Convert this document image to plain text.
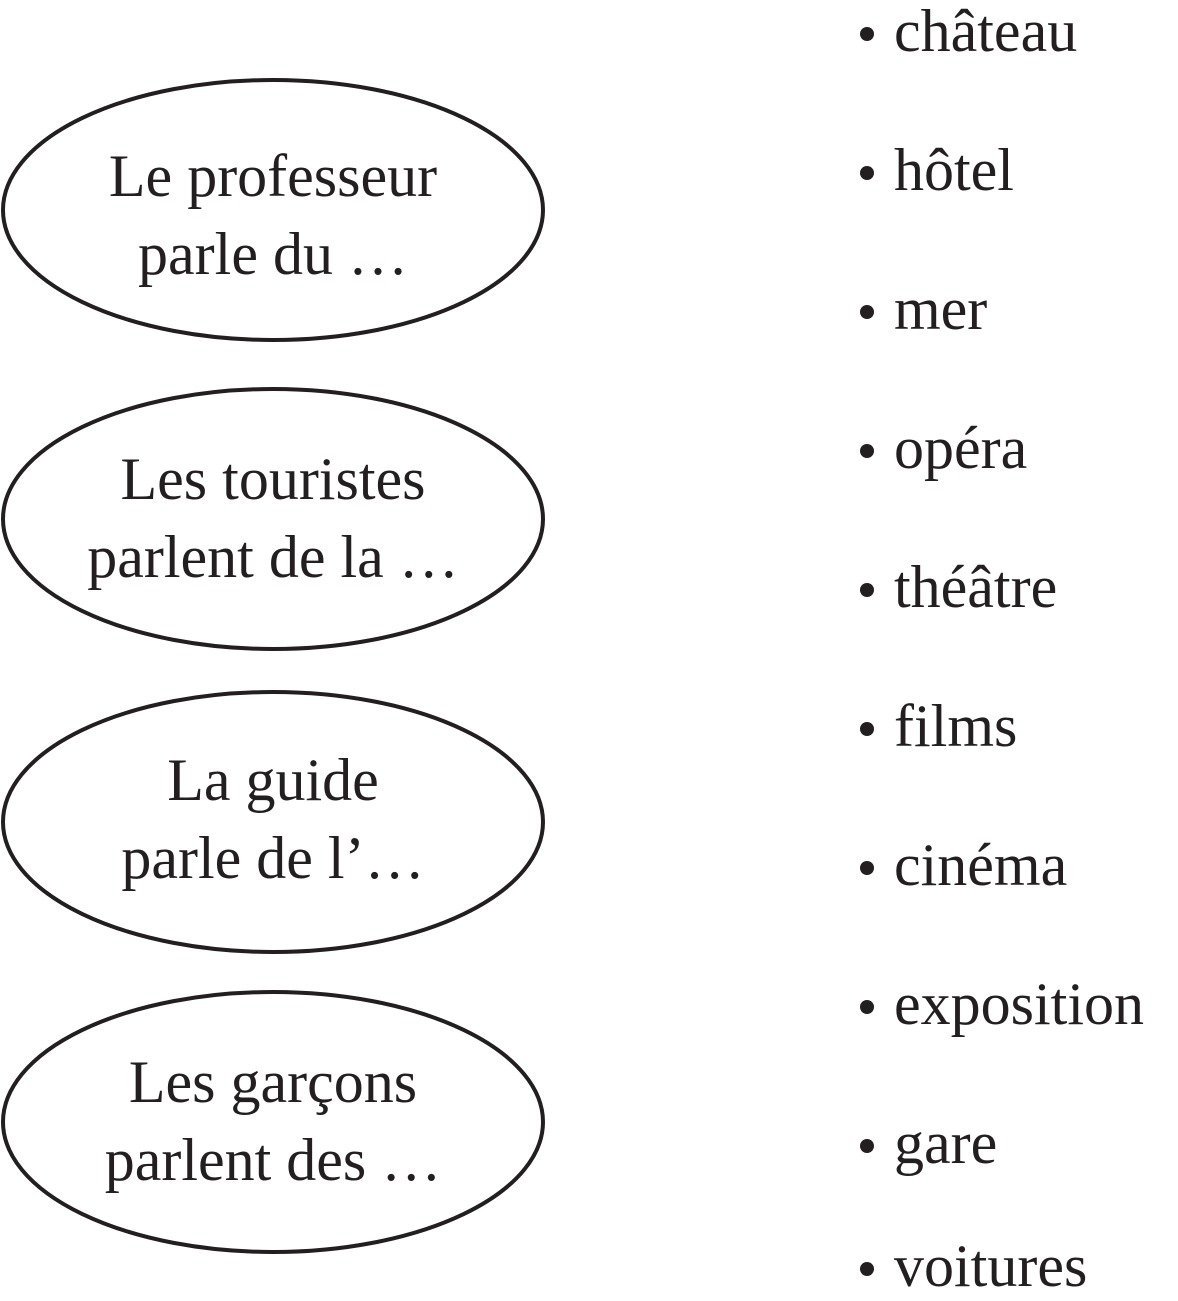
Le professeur
parle du …
Les touristes
parlent de la …
La guide
parle de l’…
Les garçons
parlent des …
château
hôtel
mer
opéra
théâtre
films
cinéma
exposition
gare
voitures
